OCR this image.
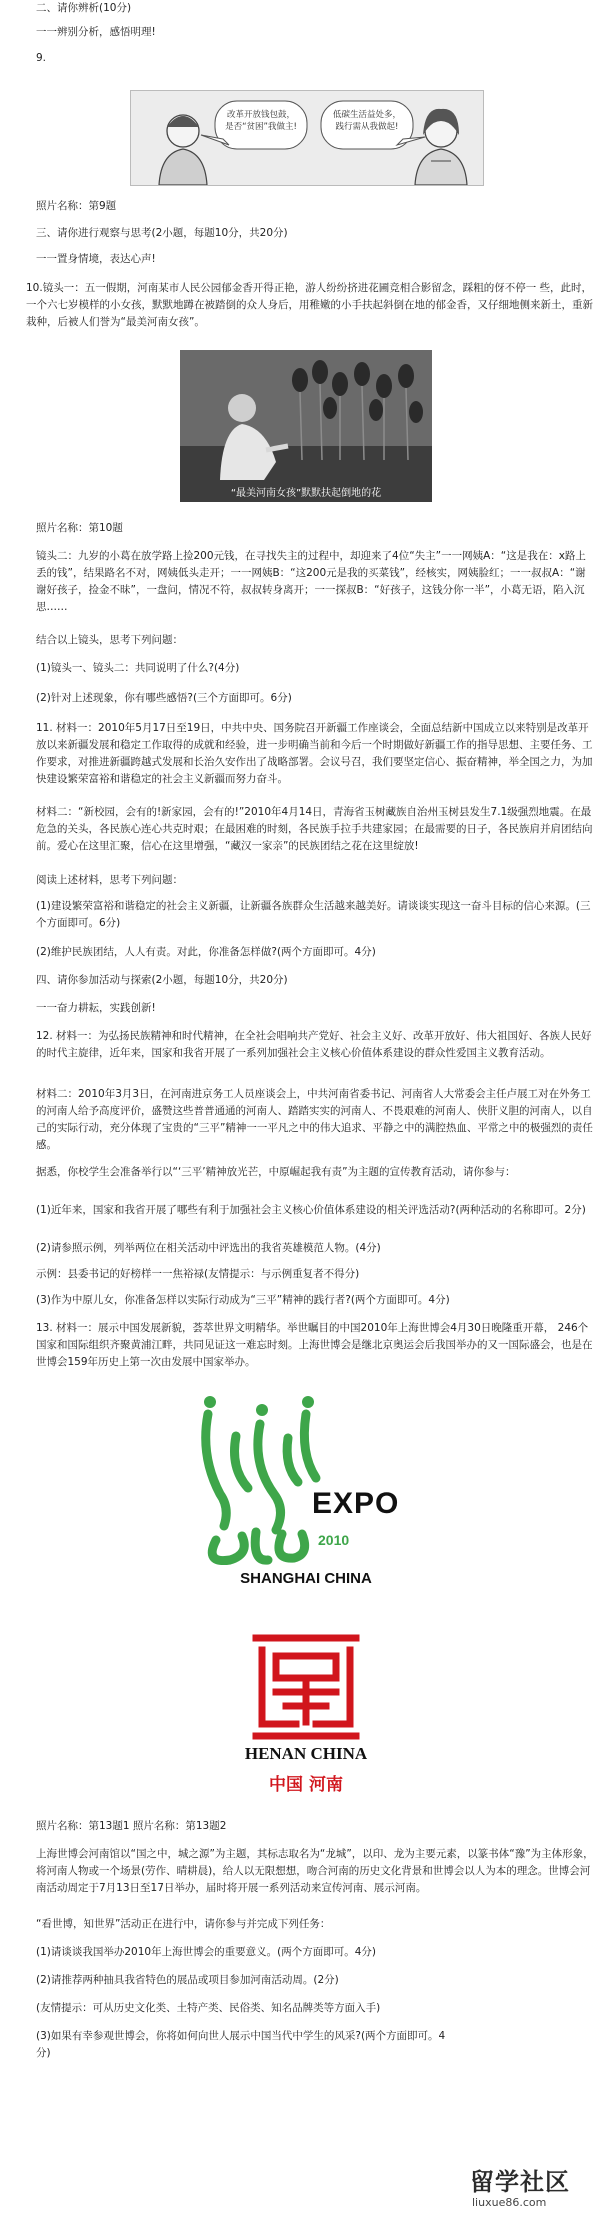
二、请你辨析(10分)

一一辨别分析，感悟明理!

9.

改革开放钱包鼓，是否“贫困”我做主!
低碳生活益处多，践行需从我做起!

照片名称：第9题

三、请你进行观察与思考(2小题，每题10分，共20分)

一一置身情境，表达心声!

10.镜头一：五一假期，河南某市人民公园郁金香开得正艳，游人纷纷挤进花圃竞相合影留念，踩粗的伢不停一 些，此时，一个六七岁模样的小女孩，默默地蹲在被踏倒的众人身后，用稚嫩的小手扶起斜倒在地的郁金香，又仔细地侧来新土，重新栽种，后被人们誉为“最美河南女孩”。

“最美河南女孩”默默扶起倒地的花

照片名称：第10题

镜头二：九岁的小葛在放学路上捡200元钱，在寻找失主的过程中，却迎来了4位“失主”一一网姨A：“这是我在：x路上丢的钱”，结果路名不对，网姨低头走开；一一网姨B：“这200元是我的买菜钱”，经核实，网姨脸红；一一叔叔A：“谢谢好孩子，捡金不昧”，一盘问，情况不符，叔叔转身离开；一一探叔B：“好孩子，这钱分你一半”，小葛无语，陷入沉思……

结合以上镜头，思考下列问题：

(1)镜头一、镜头二：共同说明了什么?(4分)

(2)针对上述现象，你有哪些感悟?(三个方面即可。6分)

11. 材料一：2010年5月17日至19日，中共中央、国务院召开新疆工作座谈会，全面总结新中国成立以来特别是改革开放以来新疆发展和稳定工作取得的成就和经验，进一步明确当前和今后一个时期做好新疆工作的指导思想、主要任务、工作要求，对推进新疆跨越式发展和长治久安作出了战略部署。会议号召，我们要坚定信心、振奋精神，举全国之力，为加快建设繁荣富裕和谐稳定的社会主义新疆而努力奋斗。

材料二：“新校园，会有的!新家园，会有的!”2010年4月14日，青海省玉树藏族自治州玉树县发生7.1级强烈地震。在最危急的关头，各民族心连心共克时艰；在最困难的时刻，各民族手拉手共建家园；在最需要的日子，各民族肩并肩团结向前。爱心在这里汇聚，信心在这里增强，“藏汉一家亲”的民族团结之花在这里绽放!

阅读上述材料，思考下列问题：

(1)建设繁荣富裕和谐稳定的社会主义新疆，让新疆各族群众生活越来越美好。请谈谈实现这一奋斗目标的信心来源。(三个方面即可。6分)

(2)维护民族团结，人人有责。对此，你准备怎样做?(两个方面即可。4分)

四、请你参加活动与探索(2小题，每题10分，共20分)

一一奋力耕耘，实践创新!

12. 材料一：为弘扬民族精神和时代精神，在全社会唱响共产党好、社会主义好、改革开放好、伟大祖国好、各族人民好的时代主旋律，近年来，国家和我省开展了一系列加强社会主义核心价值体系建设的群众性爱国主义教育活动。

材料二：2010年3月3日，在河南进京务工人员座谈会上，中共河南省委书记、河南省人大常委会主任卢展工对在外务工的河南人给予高度评价，盛赞这些普普通通的河南人、踏踏实实的河南人、不畏艰难的河南人、侠肝义胆的河南人，以自己的实际行动，充分体现了宝贵的“三平”精神一一平凡之中的伟大追求、平静之中的满腔热血、平常之中的极强烈的责任感。

据悉，你校学生会准备举行以“‘三平’精神放光芒，中原崛起我有责”为主题的宣传教育活动，请你参与：

(1)近年来，国家和我省开展了哪些有利于加强社会主义核心价值体系建设的相关评选活动?(两种活动的名称即可。2分)

(2)请参照示例，列举两位在相关活动中评选出的我省英雄模范人物。(4分)

示例：县委书记的好榜样一一焦裕禄(友情提示：与示例重复者不得分)

(3)作为中原儿女，你准备怎样以实际行动成为“三平”精神的践行者?(两个方面即可。4分)

13. 材料一：展示中国发展新貌，荟萃世界文明精华。举世瞩目的中国2010年上海世博会4月30日晚隆重开幕， 246个国家和国际组织齐聚黄浦江畔，共同见证这一难忘时刻。上海世博会是继北京奥运会后我国举办的又一国际盛会，也是在世博会159年历史上第一次由发展中国家举办。

EXPO
2010
SHANGHAI CHINA
HENAN CHINA
中国 河南

照片名称：第13题1 照片名称：第13题2

上海世博会河南馆以“国之中，城之源”为主题，其标志取名为“龙城”，以印、龙为主要元素，以篆书体“豫”为主体形象，将河南人物或一个场景(劳作、晴耕晨)，给人以无限想想，吻合河南的历史文化背景和世博会以人为本的理念。世博会河南活动周定于7月13日至17日举办，届时将开展一系列活动来宣传河南、展示河南。

“看世博，知世界”活动正在进行中，请你参与并完成下列任务：

(1)请谈谈我国举办2010年上海世博会的重要意义。(两个方面即可。4分)

(2)请推荐两种抽具我省特色的展品或项目参加河南活动周。(2分)

(友情提示：可从历史文化类、土特产类、民俗类、知名品牌类等方面入手)

(3)如果有幸参观世博会，你将如何向世人展示中国当代中学生的风采?(两个方面即可。4分)

留学社区
liuxue86.com
